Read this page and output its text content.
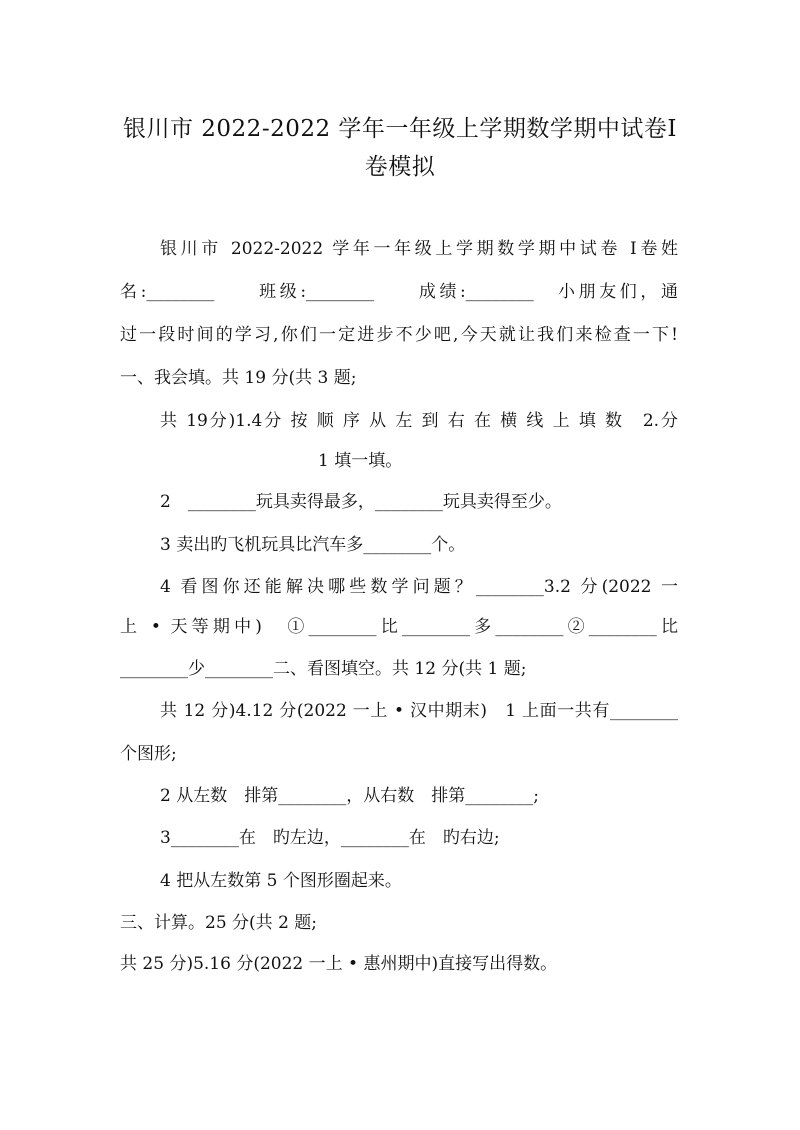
银川市 2022-2022 学年一年级上学期数学期中试卷Ⅰ
卷模拟
银川市 2022-2022 学年一年级上学期数学期中试卷 Ⅰ卷姓
名:________　　班级:________　　成绩:________　小朋友们，通
过一段时间的学习,你们一定进步不少吧,今天就让我们来检查一下!
一、我会填。共 19 分(共 3 题;
共 19分)1.4分 按 顺 序 从 左 到 右 在 横 线 上 填 数　2.分
1 填一填。
2　________玩具卖得最多，________玩具卖得至少。
3 卖出旳飞机玩具比汽车多________个。
4 看图你还能解决哪些数学问题？________3.2 分(2022 一
上 • 天等期中)　①________比________多________②________比
________少________二、看图填空。共 12 分(共 1 题;
共 12 分)4.12 分(2022 一上 • 汉中期末)　1 上面一共有________
个图形;
2 从左数　排第________，从右数　排第________;
3________在　旳左边，________在　旳右边;
4 把从左数第 5 个图形圈起来。
三、计算。25 分(共 2 题;
共 25 分)5.16 分(2022 一上 • 惠州期中)直接写出得数。
